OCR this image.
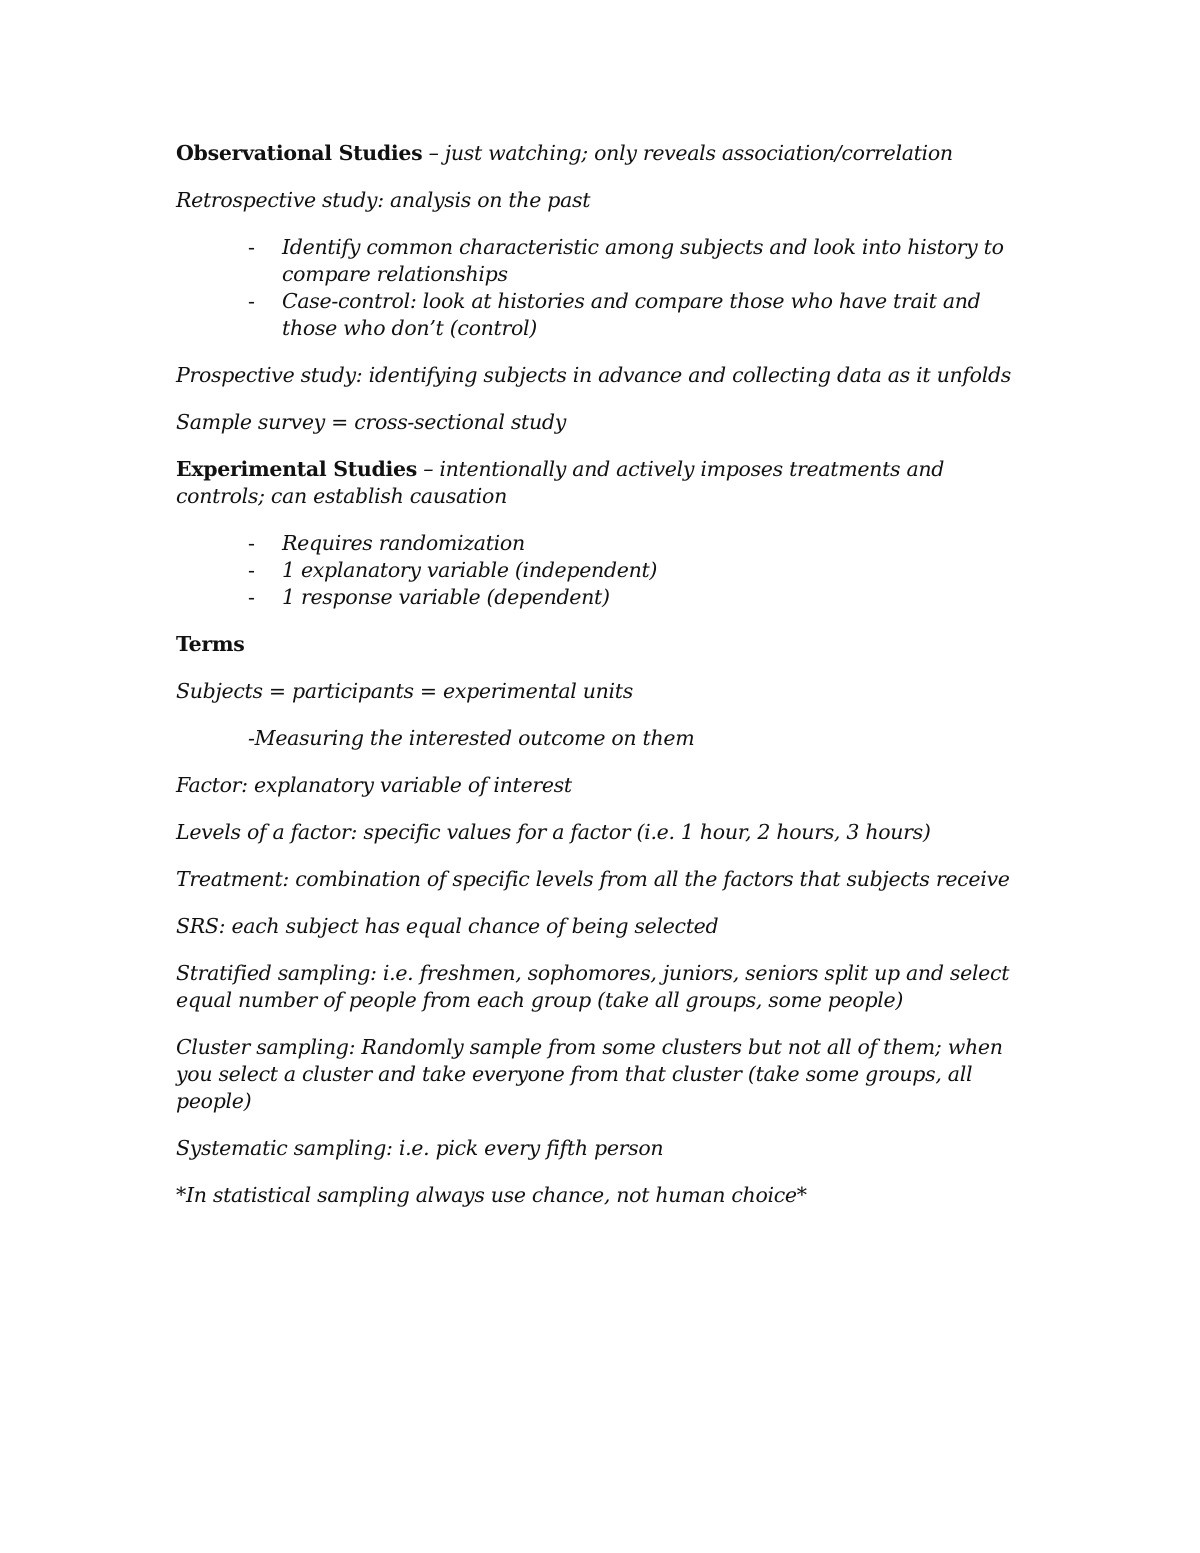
Observational Studies – just watching; only reveals association/correlation

Retrospective study: analysis on the past

- Identify common characteristic among subjects and look into history to compare relationships
- Case-control: look at histories and compare those who have trait and those who don’t (control)

Prospective study: identifying subjects in advance and collecting data as it unfolds

Sample survey = cross-sectional study

Experimental Studies – intentionally and actively imposes treatments and controls; can establish causation

- Requires randomization
- 1 explanatory variable (independent)
- 1 response variable (dependent)

Terms

Subjects = participants = experimental units

-Measuring the interested outcome on them

Factor: explanatory variable of interest

Levels of a factor: specific values for a factor (i.e. 1 hour, 2 hours, 3 hours)

Treatment: combination of specific levels from all the factors that subjects receive

SRS: each subject has equal chance of being selected

Stratified sampling: i.e. freshmen, sophomores, juniors, seniors split up and select equal number of people from each group (take all groups, some people)

Cluster sampling: Randomly sample from some clusters but not all of them; when you select a cluster and take everyone from that cluster (take some groups, all people)

Systematic sampling: i.e. pick every fifth person

*In statistical sampling always use chance, not human choice*
